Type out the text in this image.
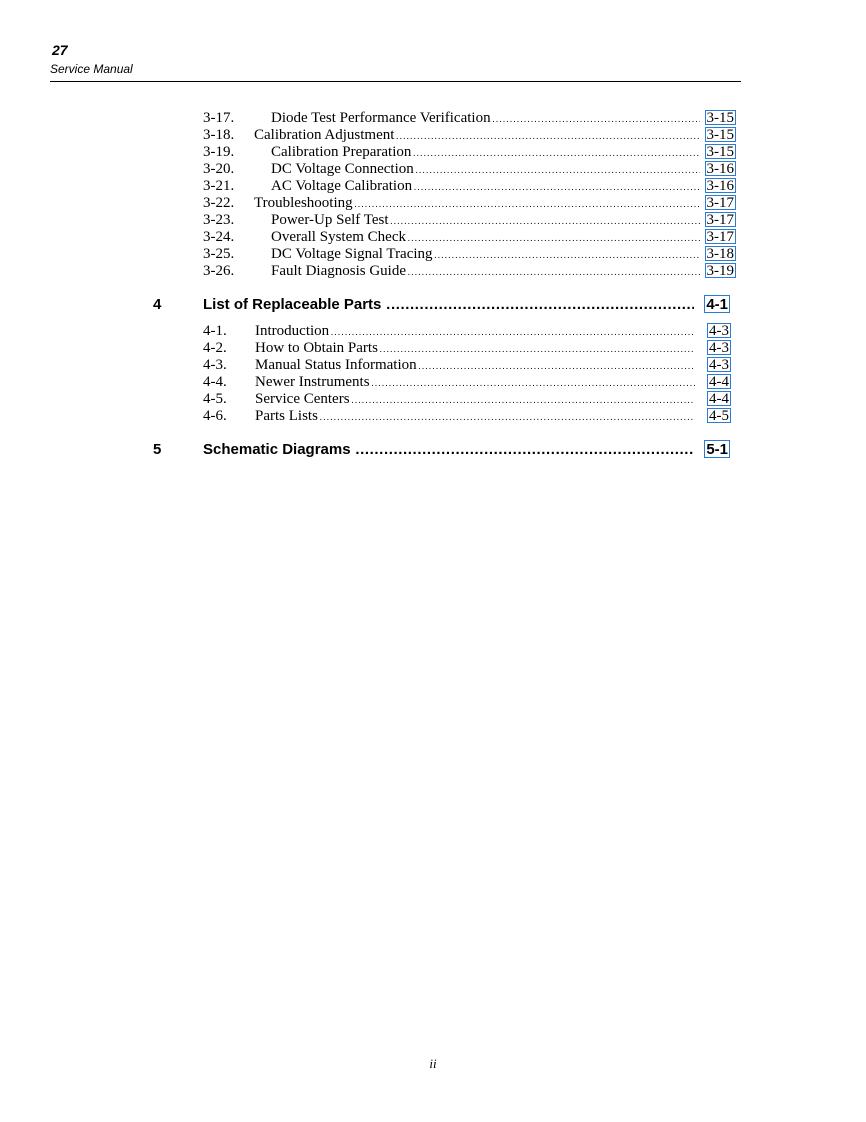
27
Service Manual
3-17. Diode Test Performance Verification . . .	3-15
3-18. Calibration Adjustment . . .	3-15
3-19. Calibration Preparation . . .	3-15
3-20. DC Voltage Connection . . .	3-16
3-21. AC Voltage Calibration . . .	3-16
3-22. Troubleshooting . . .	3-17
3-23. Power-Up Self Test . . .	3-17
3-24. Overall System Check . . .	3-17
3-25. DC Voltage Signal Tracing . . .	3-18
3-26. Fault Diagnosis Guide . . .	3-19
4	List of Replaceable Parts .....	4-1
4-1. Introduction . . .	4-3
4-2. How to Obtain Parts . . .	4-3
4-3. Manual Status Information . . .	4-3
4-4. Newer Instruments . . .	4-4
4-5. Service Centers . . .	4-4
4-6. Parts Lists . . .	4-5
5	Schematic Diagrams .....	5-1
ii
